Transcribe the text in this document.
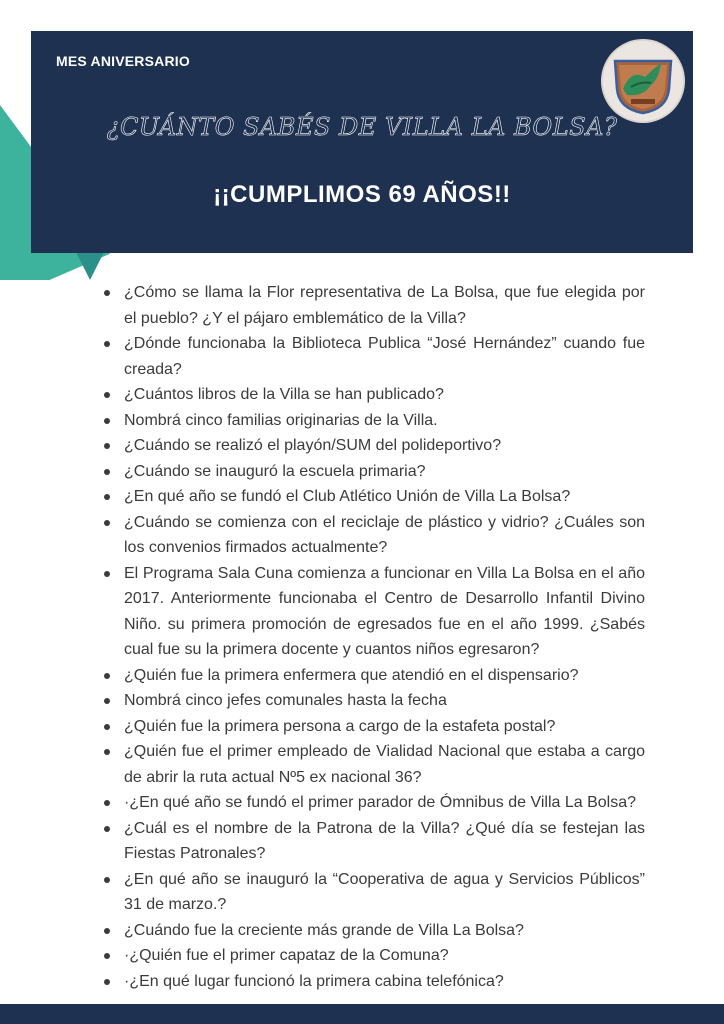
MES ANIVERSARIO
¿CUÁNTO SABÉS DE VILLA LA BOLSA?
¡¡CUMPLIMOS 69 AÑOS!!
¿Cómo se llama la Flor representativa de La Bolsa, que fue elegida por el pueblo? ¿Y el pájaro emblemático de la Villa?
¿Dónde funcionaba la Biblioteca Publica “José Hernández” cuando fue creada?
¿Cuántos libros de la Villa se han publicado?
Nombrá cinco familias originarias de la Villa.
¿Cuándo se realizó el playón/SUM del polideportivo?
¿Cuándo se inauguró la escuela primaria?
¿En qué año se fundó el Club Atlético Unión de Villa La Bolsa?
¿Cuándo se comienza con el reciclaje de plástico y vidrio? ¿Cuáles son los convenios firmados actualmente?
El Programa Sala Cuna comienza a funcionar en Villa La Bolsa en el año 2017. Anteriormente funcionaba el Centro de Desarrollo Infantil Divino Niño. su primera promoción de egresados fue en el año 1999. ¿Sabés cual fue su la primera docente y cuantos niños egresaron?
¿Quién fue la primera enfermera que atendió en el dispensario?
Nombrá cinco jefes comunales hasta la fecha
¿Quién fue la primera persona a cargo de la estafeta postal?
¿Quién fue el primer empleado de Vialidad Nacional que estaba a cargo de abrir la ruta actual Nº5 ex nacional 36?
·¿En qué año se fundó el primer parador de Ómnibus de Villa La Bolsa?
¿Cuál es el nombre de la Patrona de la Villa? ¿Qué día se festejan las Fiestas Patronales?
¿En qué año se inauguró la “Cooperativa de agua y Servicios Públicos” 31 de marzo.?
¿Cuándo fue la creciente más grande de Villa La Bolsa?
·¿Quién fue el primer capataz de la Comuna?
·¿En qué lugar funcionó la primera cabina telefónica?
